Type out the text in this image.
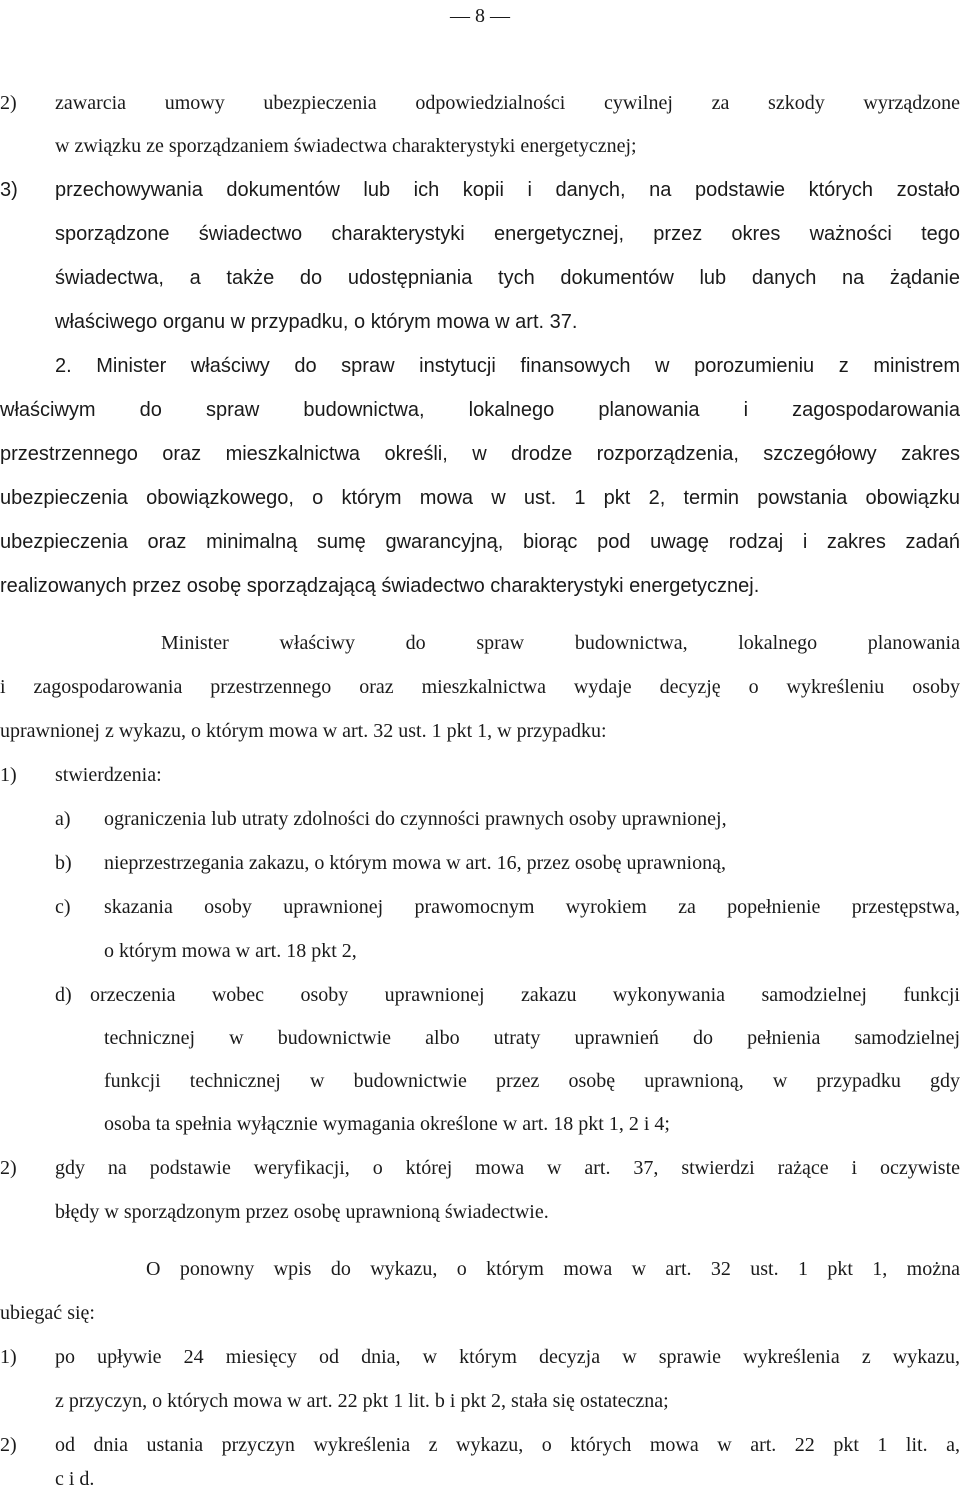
— 8 —
2) zawarcia umowy ubezpieczenia odpowiedzialności cywilnej za szkody wyrządzone
w związku ze sporządzaniem świadectwa charakterystyki energetycznej;
3) przechowywania dokumentów lub ich kopii i danych, na podstawie których zostało
sporządzone świadectwo charakterystyki energetycznej, przez okres ważności tego
świadectwa, a także do udostępniania tych dokumentów lub danych na żądanie
właściwego organu w przypadku, o którym mowa w art. 37.
2. Minister właściwy do spraw instytucji finansowych w porozumieniu z ministrem
właściwym do spraw budownictwa, lokalnego planowania i zagospodarowania
przestrzennego oraz mieszkalnictwa określi, w drodze rozporządzenia, szczegółowy zakres
ubezpieczenia obowiązkowego, o którym mowa w ust. 1 pkt 2, termin powstania obowiązku
ubezpieczenia oraz minimalną sumę gwarancyjną, biorąc pod uwagę rodzaj i zakres zadań
realizowanych przez osobę sporządzającą świadectwo charakterystyki energetycznej.
Minister właściwy do spraw budownictwa, lokalnego planowania
i zagospodarowania przestrzennego oraz mieszkalnictwa wydaje decyzję o wykreśleniu osoby
uprawnionej z wykazu, o którym mowa w art. 32 ust. 1 pkt 1, w przypadku:
1) stwierdzenia:
a) ograniczenia lub utraty zdolności do czynności prawnych osoby uprawnionej,
b) nieprzestrzegania zakazu, o którym mowa w art. 16, przez osobę uprawnioną,
c) skazania osoby uprawnionej prawomocnym wyrokiem za popełnienie przestępstwa,
o którym mowa w art. 18 pkt 2,
d) orzeczenia wobec osoby uprawnionej zakazu wykonywania samodzielnej funkcji
technicznej w budownictwie albo utraty uprawnień do pełnienia samodzielnej
funkcji technicznej w budownictwie przez osobę uprawnioną, w przypadku gdy
osoba ta spełnia wyłącznie wymagania określone w art. 18 pkt 1, 2 i 4;
2) gdy na podstawie weryfikacji, o której mowa w art. 37, stwierdzi rażące i oczywiste
błędy w sporządzonym przez osobę uprawnioną świadectwie.
O ponowny wpis do wykazu, o którym mowa w art. 32 ust. 1 pkt 1, można
ubiegać się:
1) po upływie 24 miesięcy od dnia, w którym decyzja w sprawie wykreślenia z wykazu,
z przyczyn, o których mowa w art. 22 pkt 1 lit. b i pkt 2, stała się ostateczna;
2) od dnia ustania przyczyn wykreślenia z wykazu, o których mowa w art. 22 pkt 1 lit. a,
c i d.
